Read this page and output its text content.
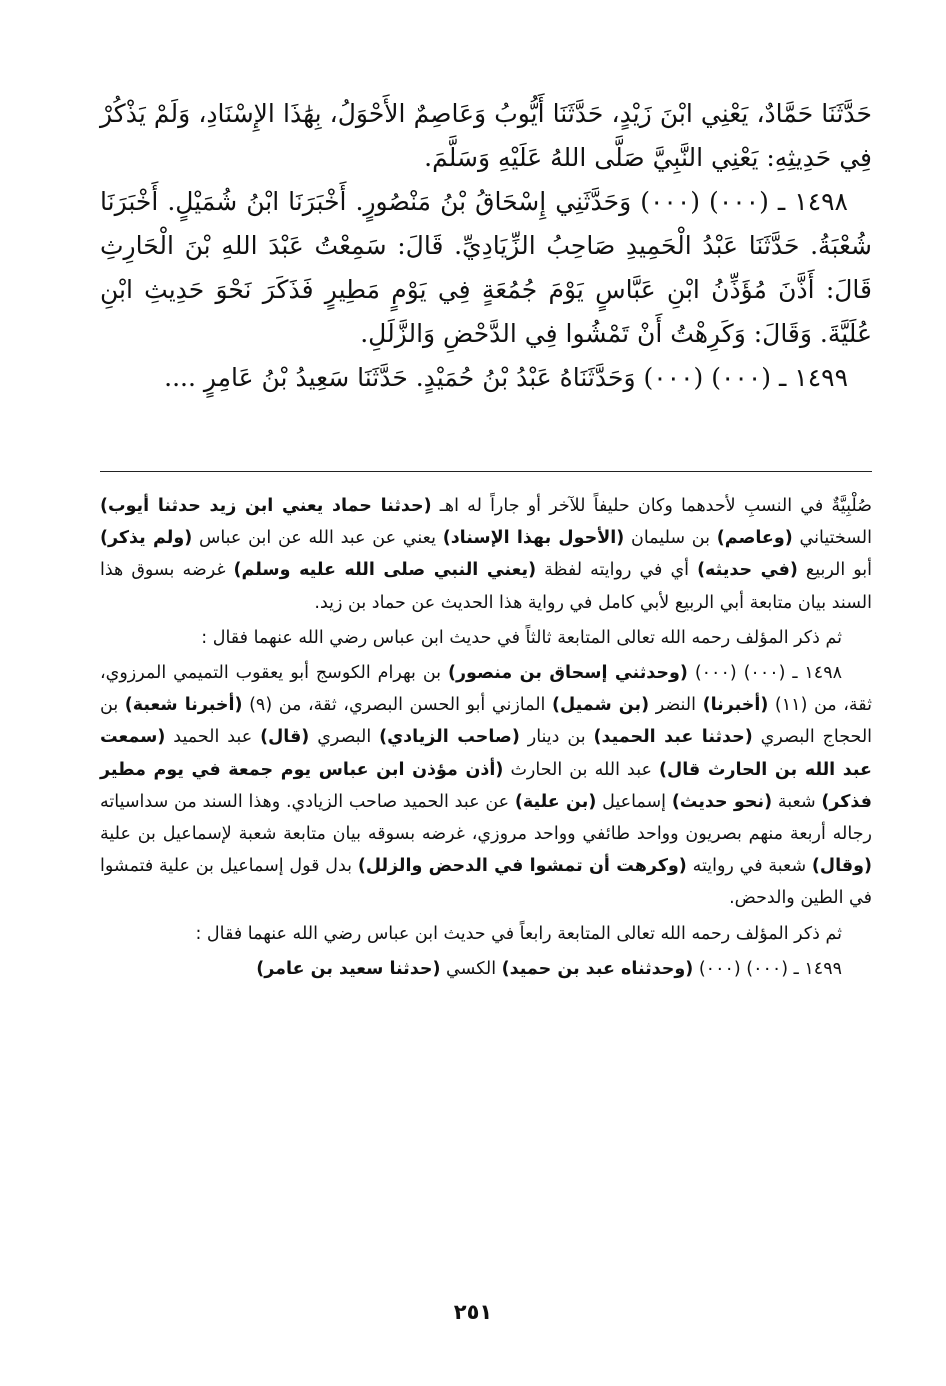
حَدَّثَنَا حَمَّادٌ، يَعْنِي ابْنَ زَيْدٍ، حَدَّثَنَا أَيُّوبُ وَعَاصِمٌ الأَحْوَلُ، بِهَٰذَا الإِسْنَادِ، وَلَمْ يَذْكُرْ فِي حَدِيثِهِ: يَعْنِي النَّبِيَّ صَلَّى اللهُ عَلَيْهِ وَسَلَّمَ.

١٤٩٨ ـ (٠٠٠) (٠٠٠) وَحَدَّثَنِي إِسْحَاقُ بْنُ مَنْصُورٍ. أَخْبَرَنَا ابْنُ شُمَيْلٍ. أَخْبَرَنَا شُعْبَةُ. حَدَّثَنَا عَبْدُ الْحَمِيدِ صَاحِبُ الزِّيَادِيِّ. قَالَ: سَمِعْتُ عَبْدَ اللهِ بْنَ الْحَارِثِ قَالَ: أَذَّنَ مُؤَذِّنُ ابْنِ عَبَّاسٍ يَوْمَ جُمُعَةٍ فِي يَوْمٍ مَطِيرٍ فَذَكَرَ نَحْوَ حَدِيثِ ابْنِ عُلَيَّةَ. وَقَالَ: وَكَرِهْتُ أَنْ تَمْشُوا فِي الدَّحْضِ وَالزَّلَلِ.

١٤٩٩ ـ (٠٠٠) (٠٠٠) وَحَدَّثَنَاهُ عَبْدُ بْنُ حُمَيْدٍ. حَدَّثَنَا سَعِيدُ بْنُ عَامِرٍ ....

صُلْبِيَّةٌ في النسبِ لأحدهما وكان حليفاً للآخر أو جاراً له اهـ (حدثنا حماد يعني ابن زيد حدثنا أيوب) السختياني (وعاصم) بن سليمان (الأحول بهذا الإسناد) يعني عن عبد الله عن ابن عباس (ولم يذكر) أبو الربيع (في حديثه) أي في روايته لفظة (يعني النبي صلى الله عليه وسلم) غرضه بسوق هذا السند بيان متابعة أبي الربيع لأبي كامل في رواية هذا الحديث عن حماد بن زيد.

ثم ذكر المؤلف رحمه الله تعالى المتابعة ثالثاً في حديث ابن عباس رضي الله عنهما فقال :

١٤٩٨ ـ (٠٠٠) (٠٠٠) (وحدثني إسحاق بن منصور) بن بهرام الكوسج أبو يعقوب التميمي المرزوي، ثقة، من (١١) (أخبرنا) النضر (بن شميل) المازني أبو الحسن البصري، ثقة، من (٩) (أخبرنا شعبة) بن الحجاج البصري (حدثنا عبد الحميد) بن دينار (صاحب الزيادي) البصري (قال) عبد الحميد (سمعت عبد الله بن الحارث قال) عبد الله بن الحارث (أذن مؤذن ابن عباس يوم جمعة في يوم مطير فذكر) شعبة (نحو حديث) إسماعيل (بن علية) عن عبد الحميد صاحب الزيادي. وهذا السند من سداسياته رجاله أربعة منهم بصريون وواحد طائفي وواحد مروزي، غرضه بسوقه بيان متابعة شعبة لإسماعيل بن علية (وقال) شعبة في روايته (وكرهت أن تمشوا في الدحض والزلل) بدل قول إسماعيل بن علية فتمشوا في الطين والدحض.

ثم ذكر المؤلف رحمه الله تعالى المتابعة رابعاً في حديث ابن عباس رضي الله عنهما فقال :

١٤٩٩ ـ (٠٠٠) (٠٠٠) (وحدثناه عبد بن حميد) الكسي (حدثنا سعيد بن عامر)

٢٥١
